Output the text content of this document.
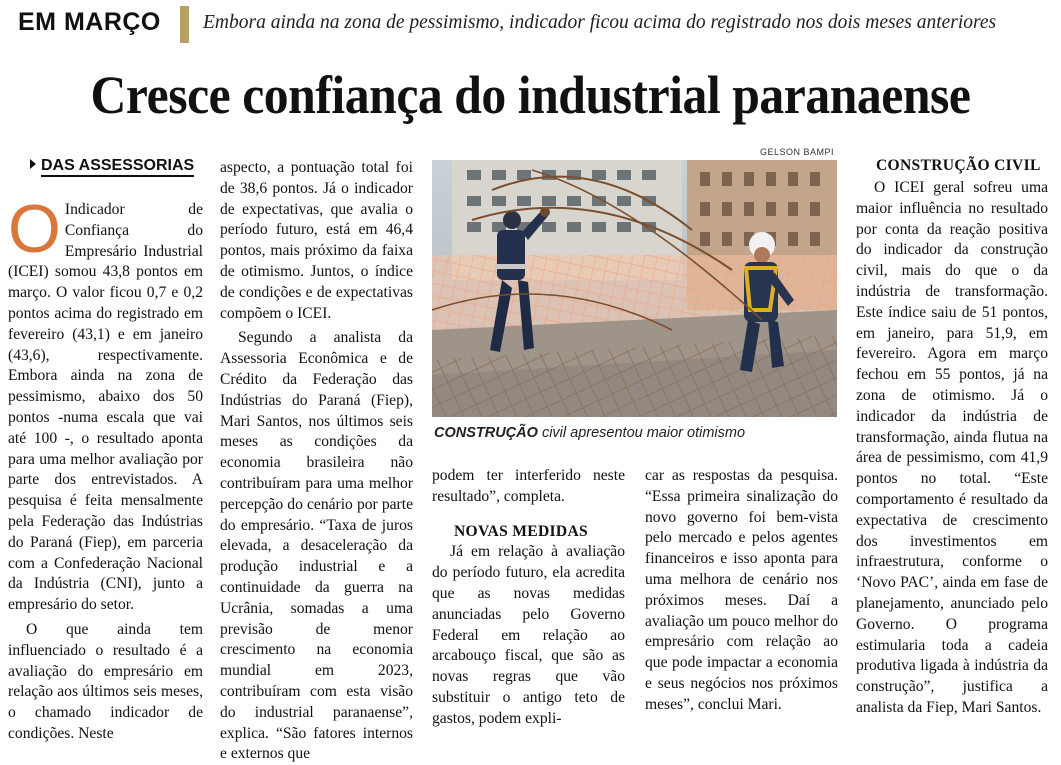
EM MARÇO Embora ainda na zona de pessimismo, indicador ficou acima do registrado nos dois meses anteriores
Cresce confiança do industrial paranaense
DAS ASSESSORIAS
O Indicador de Confiança do Empresário Industrial (ICEI) somou 43,8 pontos em março. O valor ficou 0,7 e 0,2 pontos acima do registrado em fevereiro (43,1) e em janeiro (43,6), respectivamente. Embora ainda na zona de pessimismo, abaixo dos 50 pontos -numa escala que vai até 100 -, o resultado aponta para uma melhor avaliação por parte dos entrevistados. A pesquisa é feita mensalmente pela Federação das Indústrias do Paraná (Fiep), em parceria com a Confederação Nacional da Indústria (CNI), junto a empresário do setor.

O que ainda tem influenciado o resultado é a avaliação do empresário em relação aos últimos seis meses, o chamado indicador de condições. Neste

aspecto, a pontuação total foi de 38,6 pontos. Já o indicador de expectativas, que avalia o período futuro, está em 46,4 pontos, mais próximo da faixa de otimismo. Juntos, o índice de condições e de expectativas compõem o ICEI.

Segundo a analista da Assessoria Econômica e de Crédito da Federação das Indústrias do Paraná (Fiep), Mari Santos, nos últimos seis meses as condições da economia brasileira não contribuíram para uma melhor percepção do cenário por parte do empresário. “Taxa de juros elevada, a desaceleração da produção industrial e a continuidade da guerra na Ucrânia, somadas a uma previsão de menor crescimento na economia mundial em 2023, contribuíram com esta visão do industrial paranaense”, explica. “São fatores internos e externos que

GELSON BAMPI
CONSTRUÇÃO civil apresentou maior otimismo

podem ter interferido neste resultado”, completa.

NOVAS MEDIDAS

Já em relação à avaliação do período futuro, ela acredita que as novas medidas anunciadas pelo Governo Federal em relação ao arcabouço fiscal, que são as novas regras que vão substituir o antigo teto de gastos, podem expli-

car as respostas da pesquisa. “Essa primeira sinalização do novo governo foi bem-vista pelo mercado e pelos agentes financeiros e isso aponta para uma melhora de cenário nos próximos meses. Daí a avaliação um pouco melhor do empresário com relação ao que pode impactar a economia e seus negócios nos próximos meses”, conclui Mari.

CONSTRUÇÃO CIVIL

O ICEI geral sofreu uma maior influência no resultado por conta da reação positiva do indicador da construção civil, mais do que o da indústria de transformação. Este índice saiu de 51 pontos, em janeiro, para 51,9, em fevereiro. Agora em março fechou em 55 pontos, já na zona de otimismo. Já o indicador da indústria de transformação, ainda flutua na área de pessimismo, com 41,9 pontos no total. “Este comportamento é resultado da expectativa de crescimento dos investimentos em infraestrutura, conforme o ‘Novo PAC’, ainda em fase de planejamento, anunciado pelo Governo. O programa estimularia toda a cadeia produtiva ligada à indústria da construção”, justifica a analista da Fiep, Mari Santos.
